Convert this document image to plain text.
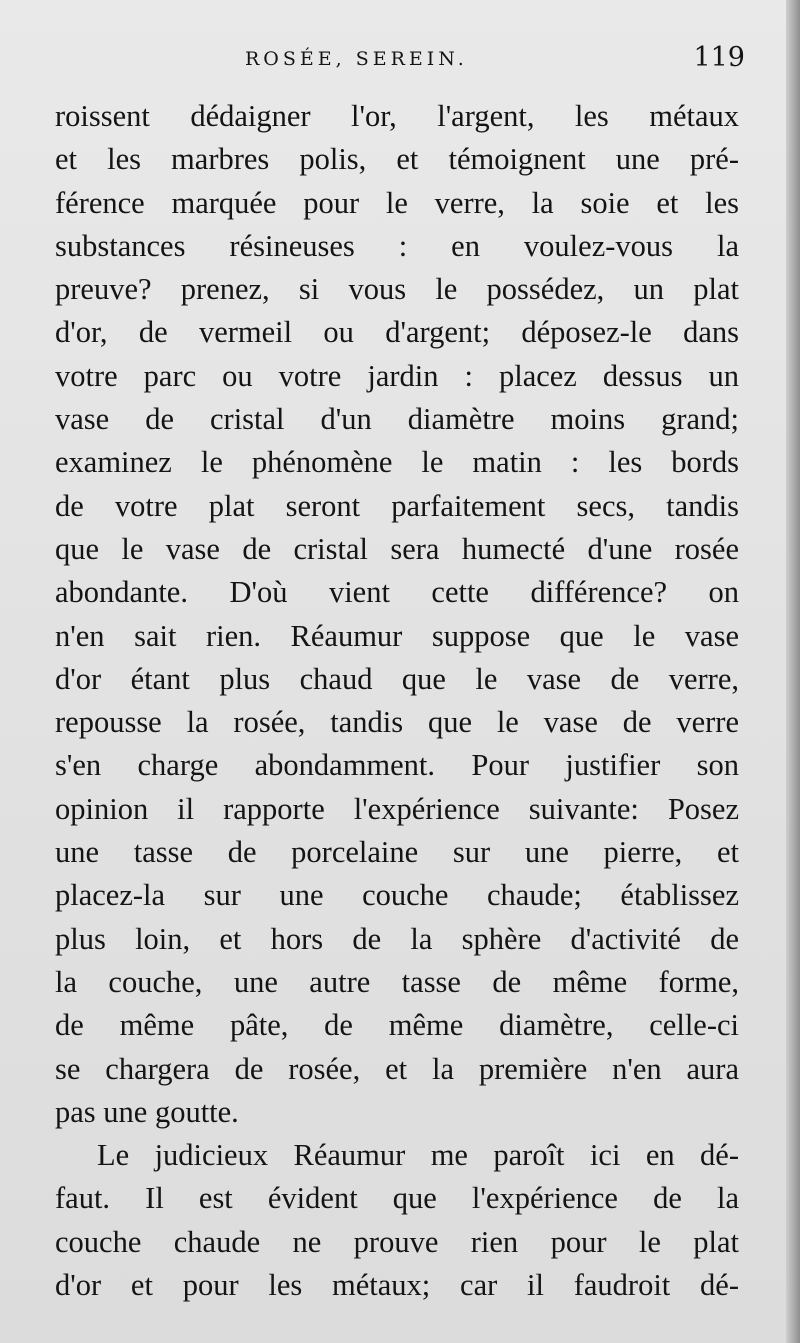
ROSÉE, SEREIN.	119
roissent dédaigner l'or, l'argent, les métaux
et les marbres polis, et témoignent une pré-
férence marquée pour le verre, la soie et les
substances résineuses : en voulez-vous la
preuve? prenez, si vous le possédez, un plat
d'or, de vermeil ou d'argent; déposez-le dans
votre parc ou votre jardin : placez dessus un
vase de cristal d'un diamètre moins grand;
examinez le phénomène le matin : les bords
de votre plat seront parfaitement secs, tandis
que le vase de cristal sera humecté d'une rosée
abondante. D'où vient cette différence? on
n'en sait rien. Réaumur suppose que le vase
d'or étant plus chaud que le vase de verre,
repousse la rosée, tandis que le vase de verre
s'en charge abondamment. Pour justifier son
opinion il rapporte l'expérience suivante: Posez
une tasse de porcelaine sur une pierre, et
placez-la sur une couche chaude; établissez
plus loin, et hors de la sphère d'activité de
la couche, une autre tasse de même forme,
de même pâte, de même diamètre, celle-ci
se chargera de rosée, et la première n'en aura
pas une goutte.
Le judicieux Réaumur me paroît ici en dé-
faut. Il est évident que l'expérience de la
couche chaude ne prouve rien pour le plat
d'or et pour les métaux; car il faudroit dé-
